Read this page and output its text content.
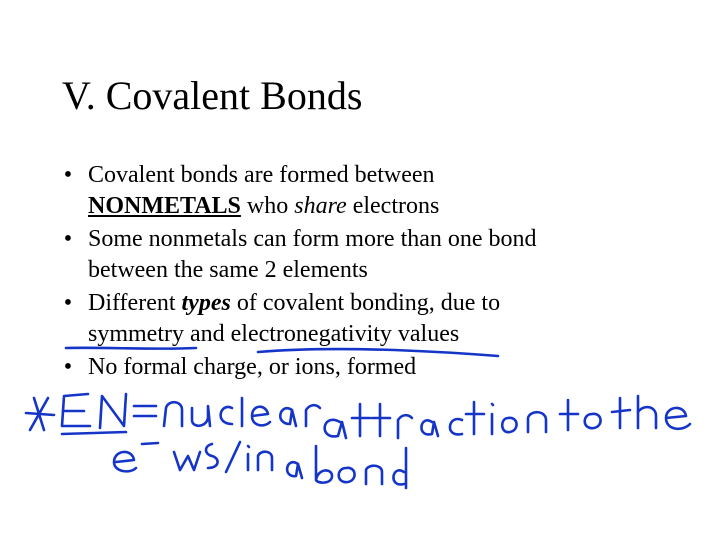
V. Covalent Bonds
• Covalent bonds are formed between
NONMETALS who share electrons
• Some nonmetals can form more than one bond
between the same 2 elements
• Different types of covalent bonding, due to
symmetry and electronegativity values
• No formal charge, or ions, formed
